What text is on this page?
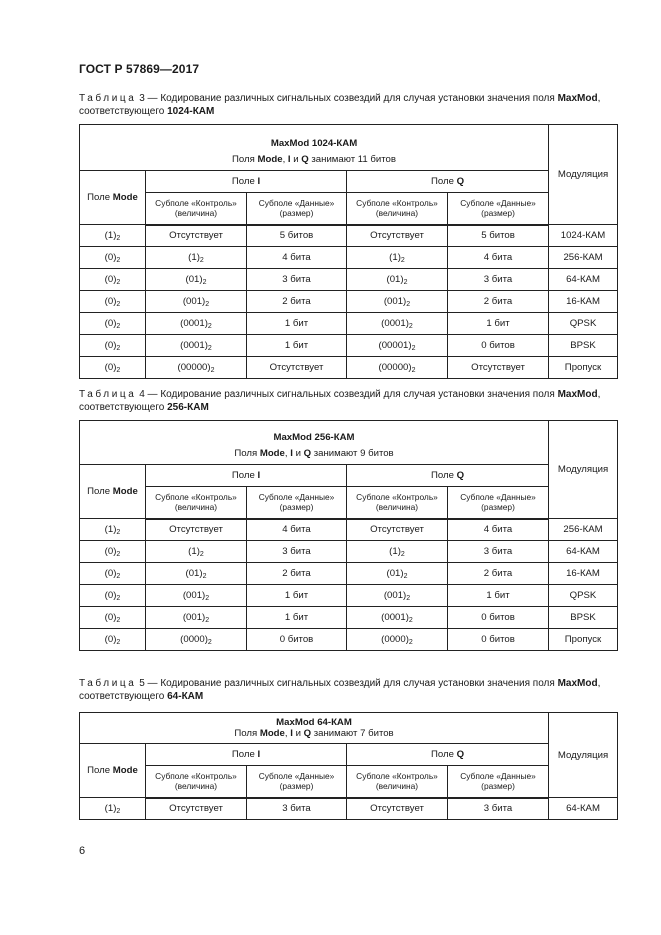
ГОСТ Р 57869—2017
Таблица 3 — Кодирование различных сигнальных созвездий для случая установки значения поля MaxMod, соответствующего 1024-КАМ
MaxMod 1024-КАМ					Модуляция
Поля Mode, I и Q занимают 11 битов					
Поле Mode	Поле I		Поле Q		
	Субполе «Контроль» (величина)	Субполе «Данные» (размер)	Субполе «Контроль» (величина)	Субполе «Данные» (размер)	
$(1)_2$	Отсутствует	5 битов	Отсутствует	5 битов	1024-КАМ
$(0)_2$	$(1)_2$	4 бита	$(1)_2$	4 бита	256-КАМ
$(0)_2$	$(01)_2$	3 бита	$(01)_2$	3 бита	64-КАМ
$(0)_2$	$(001)_2$	2 бита	$(001)_2$	2 бита	16-КАМ
$(0)_2$	$(0001)_2$	1 бит	$(0001)_2$	1 бит	QPSK
$(0)_2$	$(0001)_2$	1 бит	$(00001)_2$	0 битов	BPSK
$(0)_2$	$(00000)_2$	Отсутствует	$(00000)_2$	Отсутствует	Пропуск
Таблица 4 — Кодирование различных сигнальных созвездий для случая установки значения поля MaxMod, соответствующего 256-КАМ
MaxMod 256-КАМ					Модуляция
Поля Mode, I и Q занимают 9 битов					
Поле Mode	Поле I		Поле Q		
	Субполе «Контроль» (величина)	Субполе «Данные» (размер)	Субполе «Контроль» (величина)	Субполе «Данные» (размер)	
$(1)_2$	Отсутствует	4 бита	Отсутствует	4 бита	256-КАМ
$(0)_2$	$(1)_2$	3 бита	$(1)_2$	3 бита	64-КАМ
$(0)_2$	$(01)_2$	2 бита	$(01)_2$	2 бита	16-КАМ
$(0)_2$	$(001)_2$	1 бит	$(001)_2$	1 бит	QPSK
$(0)_2$	$(001)_2$	1 бит	$(0001)_2$	0 битов	BPSK
$(0)_2$	$(0000)_2$	0 битов	$(0000)_2$	0 битов	Пропуск
Таблица 5 — Кодирование различных сигнальных созвездий для случая установки значения поля MaxMod, соответствующего 64-КАМ
MaxMod 64-КАМ
Поля Mode, I и Q занимают 7 битов					Модуляция
Поле Mode	Поле I		Поле Q		
	Субполе «Контроль» (величина)	Субполе «Данные» (размер)	Субполе «Контроль» (величина)	Субполе «Данные» (размер)	
$(1)_2$	Отсутствует	3 бита	Отсутствует	3 бита	64-КАМ
6
